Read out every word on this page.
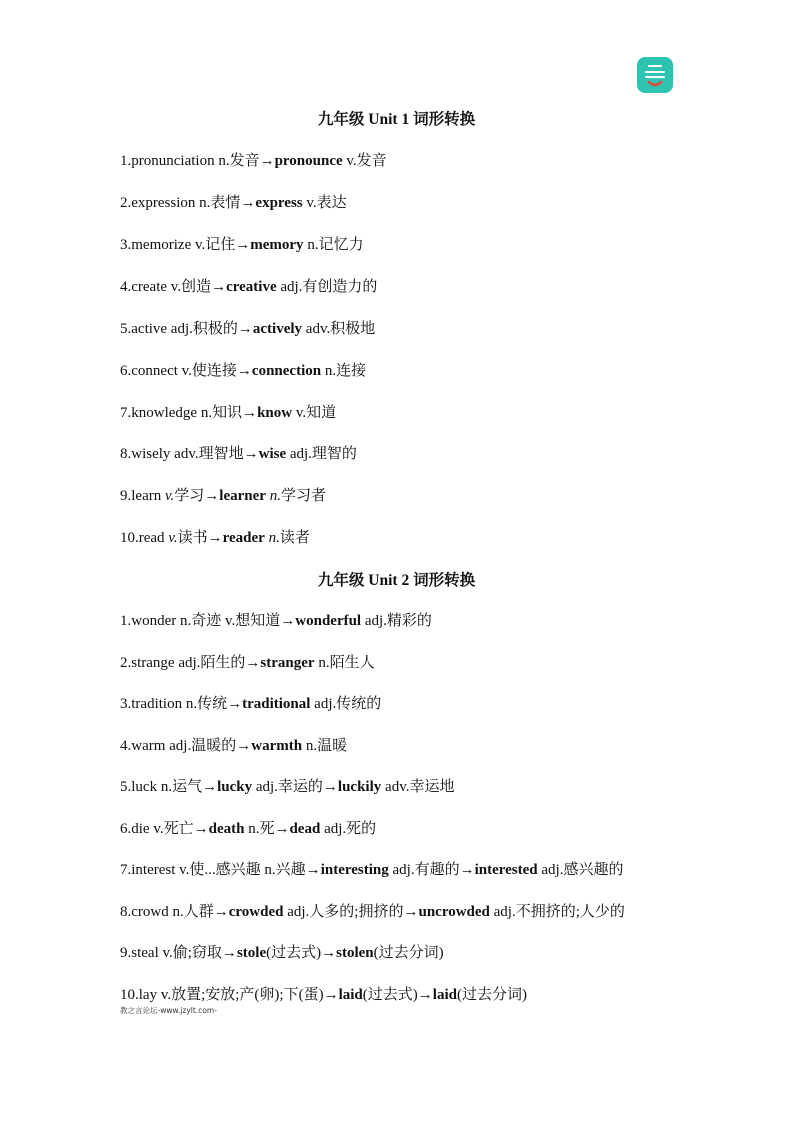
九年级 Unit 1 词形转换
1.pronunciation n.发音→pronounce v.发音
2.expression n.表情→express v.表达
3.memorize v.记住→memory n.记忆力
4.create v.创造→creative adj.有创造力的
5.active adj.积极的→actively adv.积极地
6.connect v.使连接→connection n.连接
7.knowledge n.知识→know v.知道
8.wisely adv.理智地→wise adj.理智的
9.learn v.学习→learner n.学习者
10.read v.读书→reader n.读者
九年级 Unit 2 词形转换
1.wonder n.奇迹 v.想知道→wonderful adj.精彩的
2.strange adj.陌生的→stranger n.陌生人
3.tradition n.传统→traditional adj.传统的
4.warm adj.温暖的→warmth n.温暖
5.luck n.运气→lucky adj.幸运的→luckily adv.幸运地
6.die v.死亡→death n.死→dead adj.死的
7.interest v.使...感兴趣 n.兴趣→interesting adj.有趣的→interested adj.感兴趣的
8.crowd n.人群→crowded adj.人多的;拥挤的→uncrowded adj.不拥挤的;人少的
9.steal v.偷;窃取→stole(过去式)→stolen(过去分词)
10.lay v.放置;安放;产(卵);下(蛋)→laid(过去式)→laid(过去分词)
教之言论坛-www.jzylt.com-
